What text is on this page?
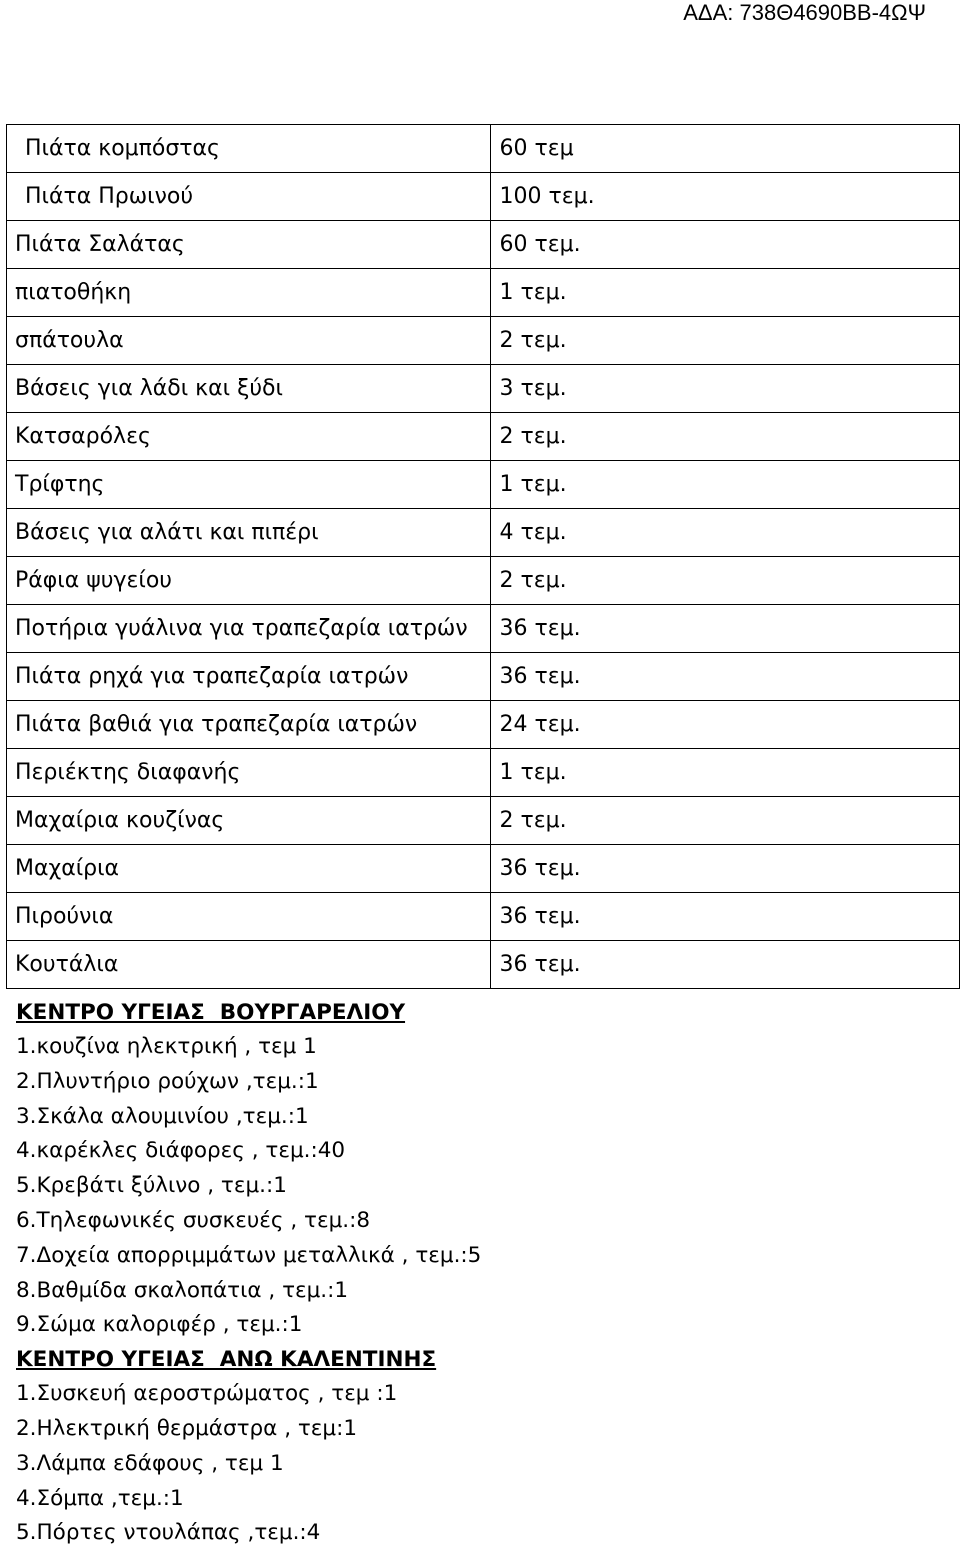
ΑΔΑ: 738Θ4690ΒΒ-4ΩΨ
Πιάτα κομπόστας	60 τεμ
Πιάτα Πρωινού	100 τεμ.
Πιάτα Σαλάτας	60 τεμ.
πιατοθήκη	1 τεμ.
σπάτουλα	2 τεμ.
Βάσεις για λάδι και ξύδι	3 τεμ.
Κατσαρόλες	2 τεμ.
Τρίφτης	1 τεμ.
Βάσεις για αλάτι και πιπέρι	4 τεμ.
Ράφια ψυγείου	2 τεμ.
Ποτήρια γυάλινα για τραπεζαρία ιατρών	36 τεμ.
Πιάτα ρηχά για τραπεζαρία ιατρών	36 τεμ.
Πιάτα βαθιά για τραπεζαρία ιατρών	24 τεμ.
Περιέκτης διαφανής	1 τεμ.
Μαχαίρια κουζίνας	2 τεμ.
Μαχαίρια	36 τεμ.
Πιρούνια	36 τεμ.
Κουτάλια	36 τεμ.
ΚΕΝΤΡΟ ΥΓΕΙΑΣ  ΒΟΥΡΓΑΡΕΛΙΟΥ
1.κουζίνα ηλεκτρική , τεμ 1
2.Πλυντήριο ρούχων ,τεμ.:1
3.Σκάλα αλουμινίου ,τεμ.:1
4.καρέκλες διάφορες , τεμ.:40
5.Κρεβάτι ξύλινο , τεμ.:1
6.Τηλεφωνικές συσκευές , τεμ.:8
7.Δοχεία απορριμμάτων μεταλλικά , τεμ.:5
8.Βαθμίδα σκαλοπάτια , τεμ.:1
9.Σώμα καλοριφέρ , τεμ.:1
ΚΕΝΤΡΟ ΥΓΕΙΑΣ  ΑΝΩ ΚΑΛΕΝΤΙΝΗΣ
1.Συσκευή αεροστρώματος , τεμ :1
2.Ηλεκτρική θερμάστρα , τεμ:1
3.Λάμπα εδάφους , τεμ 1
4.Σόμπα ,τεμ.:1
5.Πόρτες ντουλάπας ,τεμ.:4
